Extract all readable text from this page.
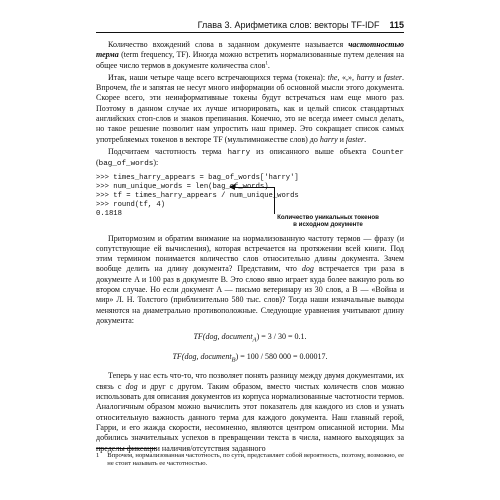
Глава 3. Арифметика слов: векторы TF-IDF 115

Количество вхождений слова в заданном документе называется частотностью терма (term frequency, TF). Иногда можно встретить нормализованные путем деления на общее число термов в документе количества слов$^1$.

Итак, наши четыре чаще всего встречающихся терма (токена): the, «,», harry и faster. Впрочем, the и запятая не несут много информации об основной мысли этого документа. Скорее всего, эти неинформативные токены будут встречаться нам еще много раз. Поэтому в данном случае их лучше игнорировать, как и целый список стандартных английских стоп-слов и знаков препинания. Конечно, это не всегда имеет смысл делать, но такое решение позволит нам упростить наш пример. Это сокращает список самых употребляемых токенов в векторе TF (мультимножестве слов) до harry и faster.

Подсчитаем частотность терма harry из описанного выше объекта Counter (bag_of_words):

>>> times_harry_appears = bag_of_words['harry']
>>> num_unique_words = len(bag_of_words)
>>> tf = times_harry_appears / num_unique_words
>>> round(tf, 4)
0.1818	Количество уникальных токенов
в исходном документе

Притормозим и обратим внимание на нормализованную частоту термов — фразу (и сопутствующие ей вычисления), которая встречается на протяжении всей книги. Под этим термином понимается количество слов относительно длины документа. Зачем вообще делить на длину документа? Представим, что dog встречается три раза в документе A и 100 раз в документе B. Это слово явно играет куда более важную роль во втором случае. Но если документ A — письмо ветеринару из 30 слов, а B — «Война и мир» Л. Н. Толстого (приблизительно 580 тыс. слов)? Тогда наши изначальные выводы меняются на диаметрально противоположные. Следующие уравнения учитывают длину документа:

TF(dog, document$_A$) = 3 / 30 = 0.1.
TF(dog, document$_B$) = 100 / 580 000 = 0.00017.

Теперь у нас есть что-то, что позволяет понять разницу между двумя документами, их связь с dog и друг с другом. Таким образом, вместо чистых количеств слов можно использовать для описания документов из корпуса нормализованные частотности термов. Аналогичным образом можно вычислить этот показатель для каждого из слов и узнать относительную важность данного терма для каждого документа. Наш главный герой, Гарри, и его жажда скорости, несомненно, являются центром описанной истории. Мы добились значительных успехов в превращении текста в числа, намного выходящих за пределы фиксации наличия/отсутствия заданного

1 Впрочем, нормализованная частотность, по сути, представляет собой вероятность, поэтому, возможно, ее не стоит называть ее частотностью.
